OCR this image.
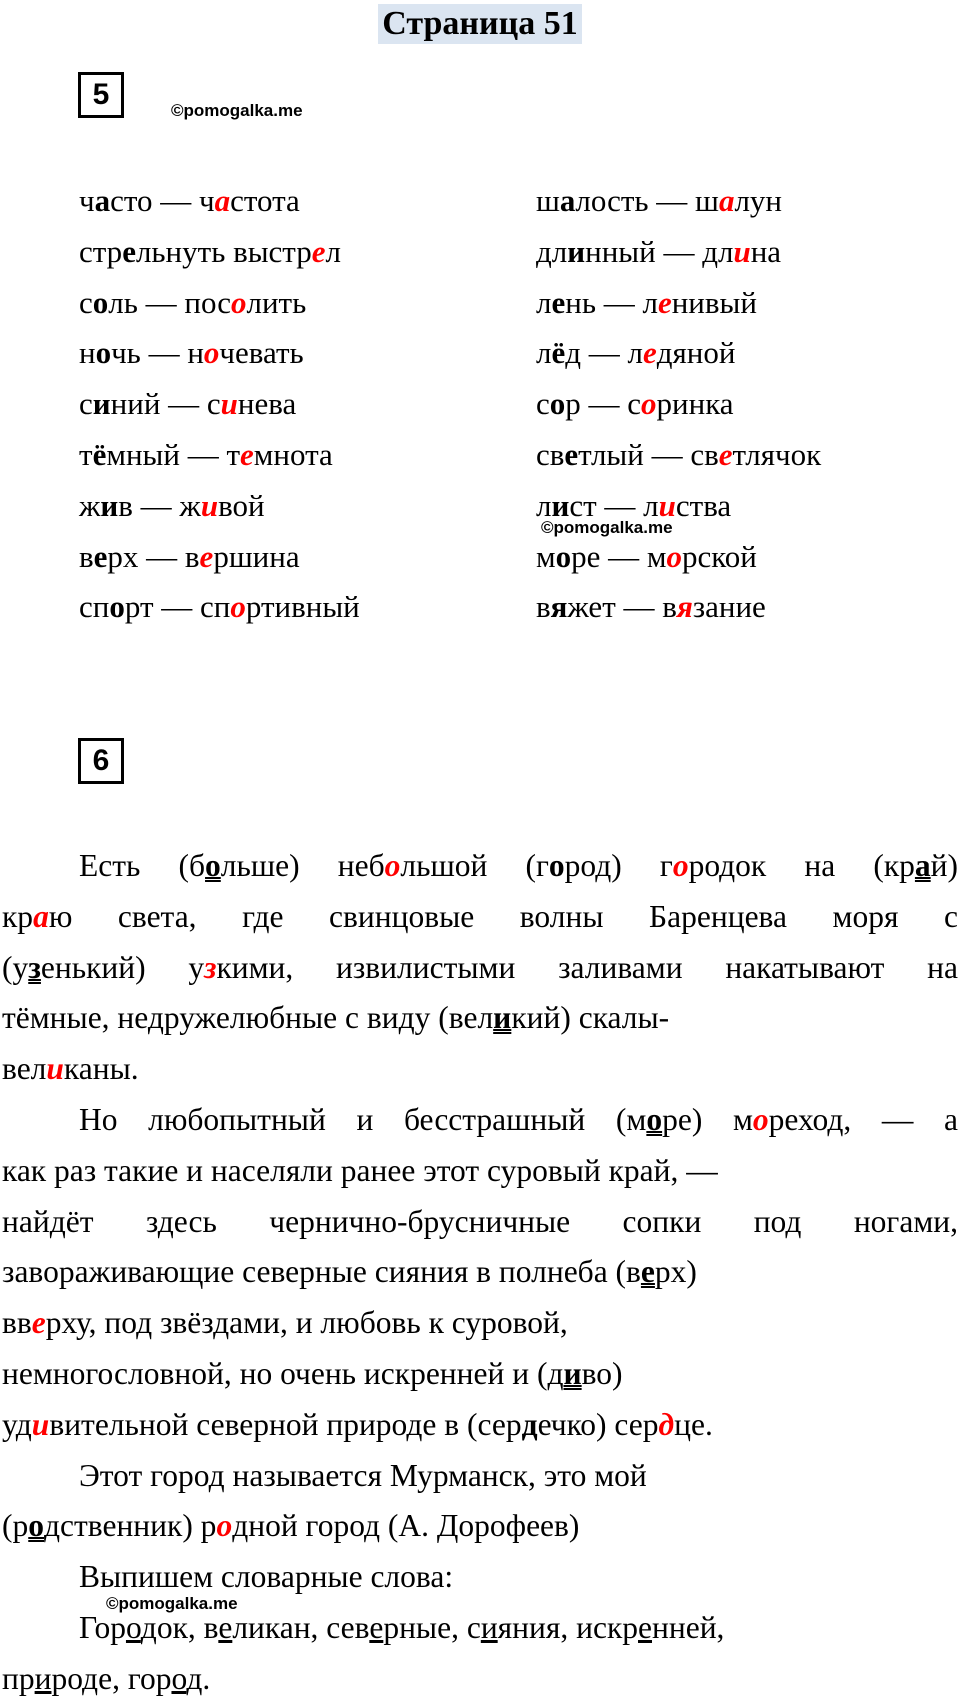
Страница 51
5	©pomogalka.me
часто — частота
стрельнуть выстрел
соль — посолить
ночь — ночевать
синий — синева
тёмный — темнота
жив — живой
верх — вершина
спорт — спортивный
шалость — шалун
длинный — длина
лень — ленивый
лёд — ледяной
сор — соринка
светлый — светлячок
лист — листва
море — морской
вяжет — вязание
©pomogalka.me
6

Есть (больше) небольшой (город) городок на (край)

краю света, где свинцовые волны Баренцева моря с

(узенький) узкими, извилистыми заливами накатывают на

тёмные, недружелюбные с виду (великий) скалы-

великаны.

Но любопытный и бесстрашный (море) мореход, — а

как раз такие и населяли ранее этот суровый край, —

найдёт здесь чернично-брусничные сопки под ногами,

завораживающие северные сияния в полнеба (верх)

вверху, под звёздами, и любовь к суровой,

немногословной, но очень искренней и (диво)

удивительной северной природе в (сердечко) сердце.

Этот город называется Мурманск, это мой

(родственник) родной город (А. Дорофеев)

Выпишем словарные слова:

Городок, великан, северные, сияния, искренней,

природе, город.

©pomogalka.me
